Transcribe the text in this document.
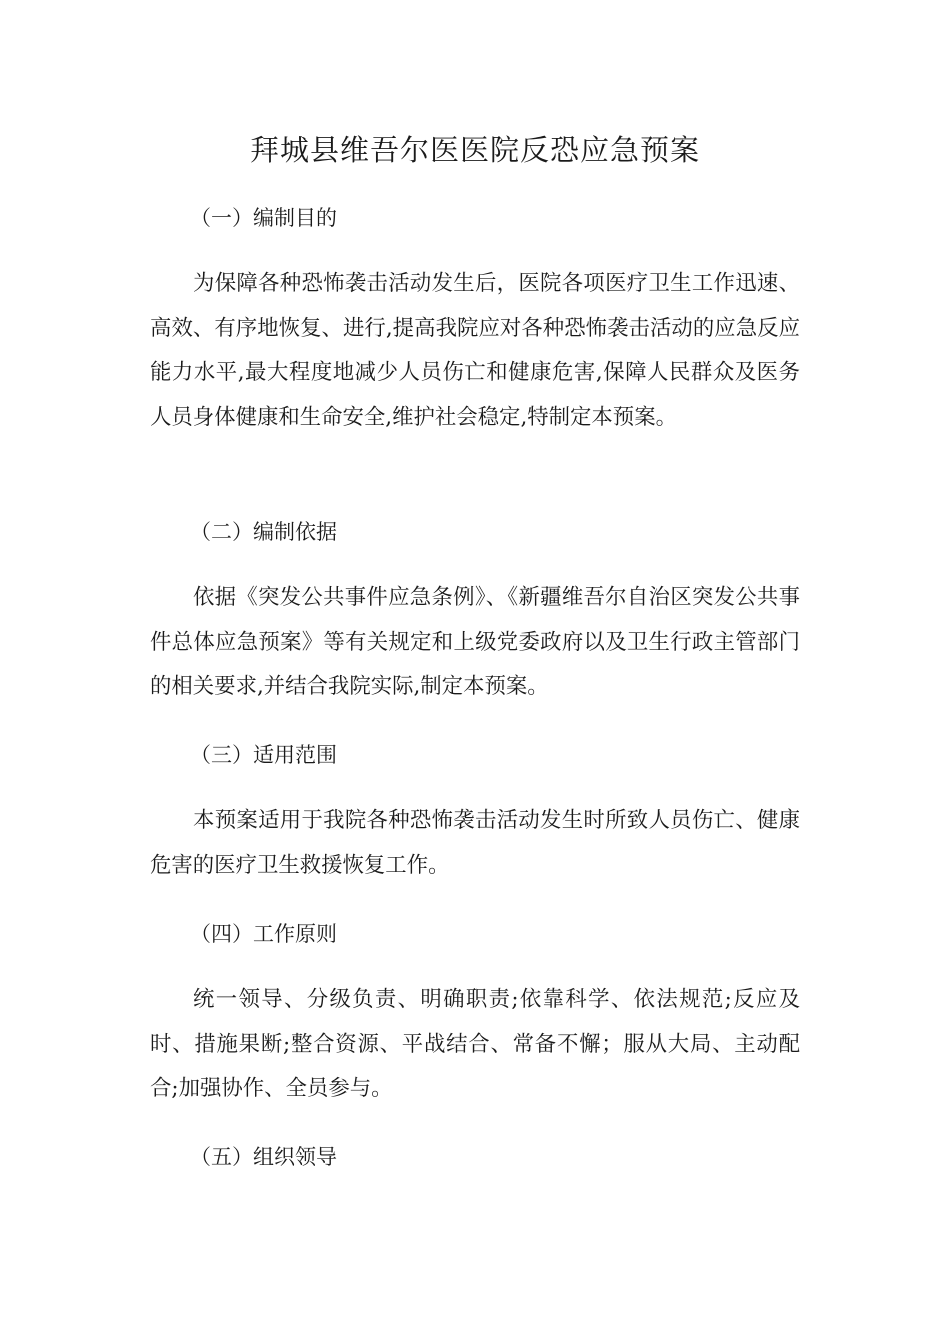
拜城县维吾尔医医院反恐应急预案
（一）编制目的

为保障各种恐怖袭击活动发生后，医院各项医疗卫生工作迅速、高效、有序地恢复、进行,提高我院应对各种恐怖袭击活动的应急反应能力水平,最大程度地减少人员伤亡和健康危害,保障人民群众及医务人员身体健康和生命安全,维护社会稳定,特制定本预案。

（二）编制依据

依据《突发公共事件应急条例》、《新疆维吾尔自治区突发公共事件总体应急预案》等有关规定和上级党委政府以及卫生行政主管部门的相关要求,并结合我院实际,制定本预案。

（三）适用范围

本预案适用于我院各种恐怖袭击活动发生时所致人员伤亡、健康危害的医疗卫生救援恢复工作。

（四）工作原则

统一领导、分级负责、明确职责;依靠科学、依法规范;反应及时、措施果断;整合资源、平战结合、常备不懈；服从大局、主动配合;加强协作、全员参与。

（五）组织领导
